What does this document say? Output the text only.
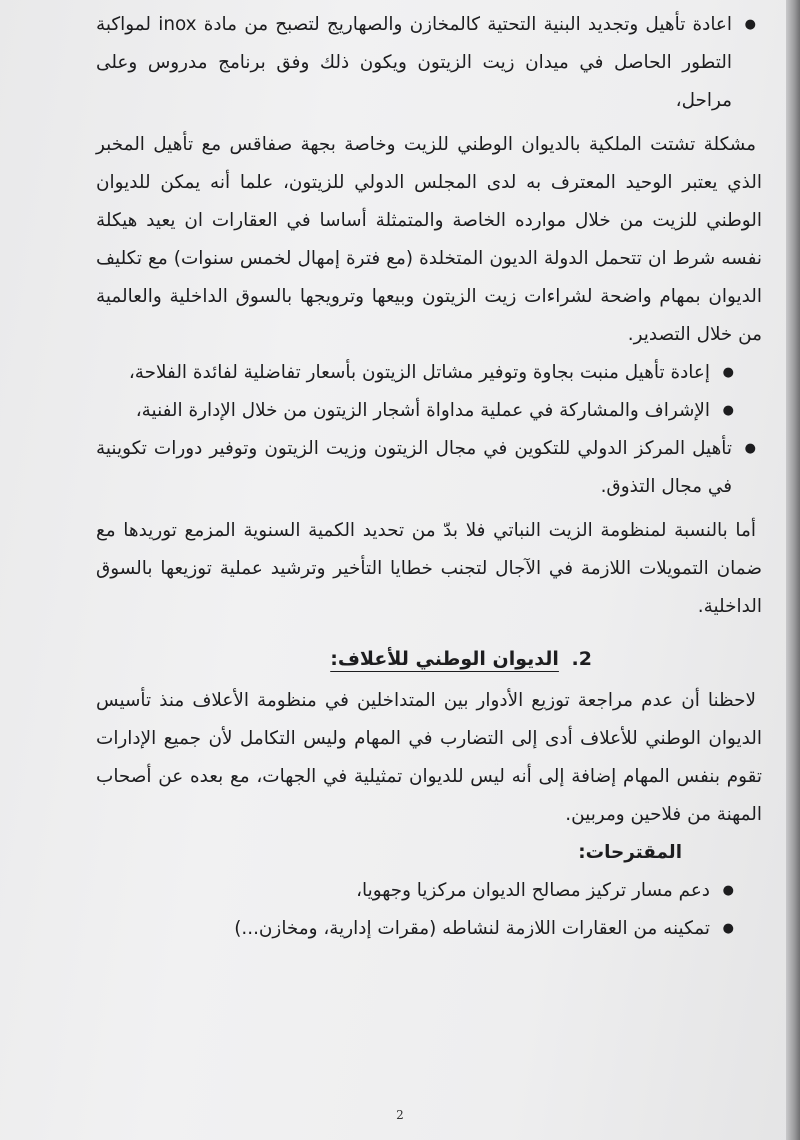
● اعادة تأهيل وتجديد البنية التحتية كالمخازن والصهاريج لتصبح من مادة inox لمواكبة التطور الحاصل في ميدان زيت الزيتون ويكون ذلك وفق برنامج مدروس وعلى مراحل،

مشكلة تشتت الملكية بالديوان الوطني للزيت وخاصة بجهة صفاقس مع تأهيل المخبر الذي يعتبر الوحيد المعترف به لدى المجلس الدولي للزيتون، علما أنه يمكن للديوان الوطني للزيت من خلال موارده الخاصة والمتمثلة أساسا في العقارات ان يعيد هيكلة نفسه شرط ان تتحمل الدولة الديون المتخلدة (مع فترة إمهال لخمس سنوات) مع تكليف الديوان بمهام واضحة لشراءات زيت الزيتون وبيعها وترويجها بالسوق الداخلية والعالمية من خلال التصدير.

● إعادة تأهيل منبت بجاوة وتوفير مشاتل الزيتون بأسعار تفاضلية لفائدة الفلاحة،

● الإشراف والمشاركة في عملية مداواة أشجار الزيتون من خلال الإدارة الفنية،

● تأهيل المركز الدولي للتكوين في مجال الزيتون وزيت الزيتون وتوفير دورات تكوينية في مجال التذوق.

أما بالنسبة لمنظومة الزيت النباتي فلا بدّ من تحديد الكمية السنوية المزمع توريدها مع ضمان التمويلات اللازمة في الآجال لتجنب خطايا التأخير وترشيد عملية توزيعها بالسوق الداخلية.

2. الديوان الوطني للأعلاف:

لاحظنا أن عدم مراجعة توزيع الأدوار بين المتداخلين في منظومة الأعلاف منذ تأسيس الديوان الوطني للأعلاف أدى إلى التضارب في المهام وليس التكامل لأن جميع الإدارات تقوم بنفس المهام إضافة إلى أنه ليس للديوان تمثيلية في الجهات، مع بعده عن أصحاب المهنة من فلاحين ومربين.

المقترحات:

● دعم مسار تركيز مصالح الديوان مركزيا وجهويا،

● تمكينه من العقارات اللازمة لنشاطه (مقرات إدارية، ومخازن...)

2
